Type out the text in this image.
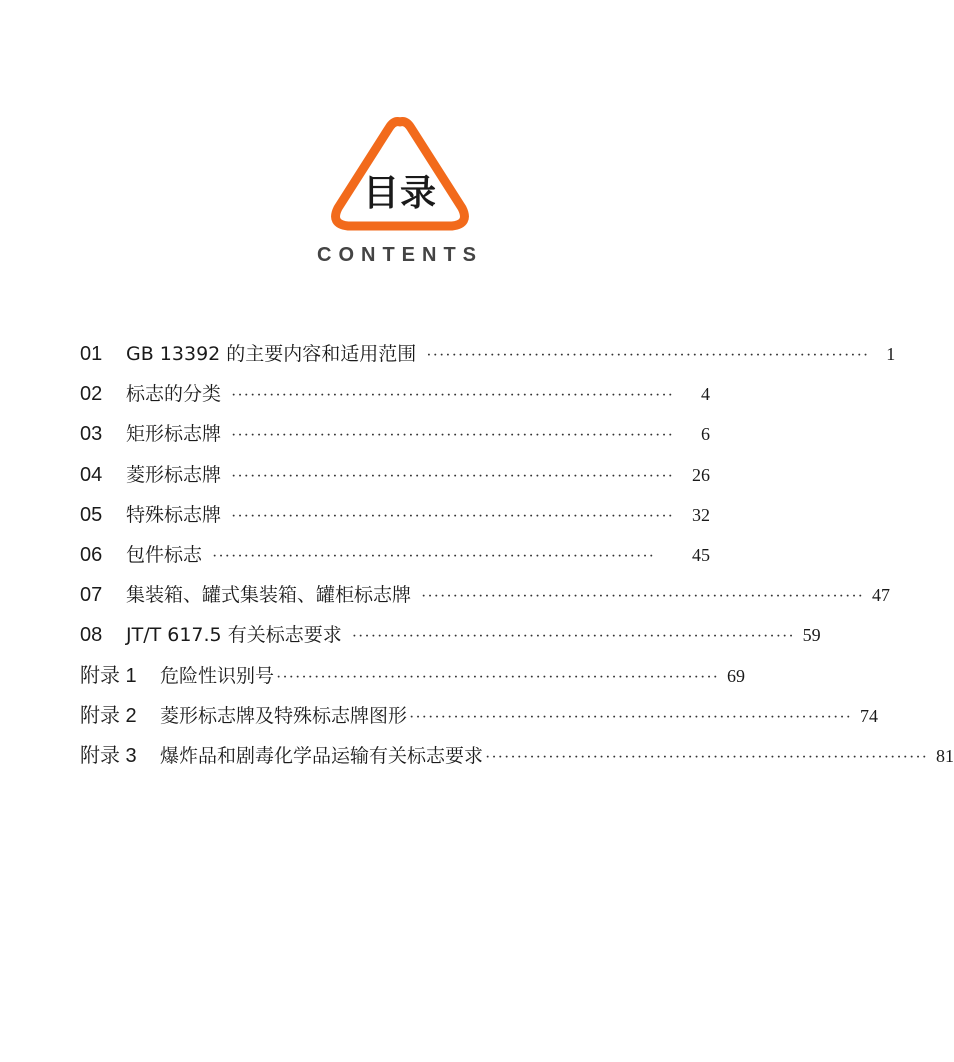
目录
CONTENTS
01	GB 13392 的主要内容和适用范围 ······································································ 1
02	标志的分类 ······································································	4
03	矩形标志牌 ······································································	6
04	菱形标志牌 ······································································	26
05	特殊标志牌 ······································································	32
06	包件标志 ······································································	45
07	集装箱、罐式集装箱、罐柜标志牌 ······································································ 47
08	JT/T 617.5 有关标志要求 ······································································ 59
附录 1	危险性识别号 ······································································ 69
附录 2	菱形标志牌及特殊标志牌图形 ······································································ 74
附录 3	爆炸品和剧毒化学品运输有关标志要求 ······································································ 81
